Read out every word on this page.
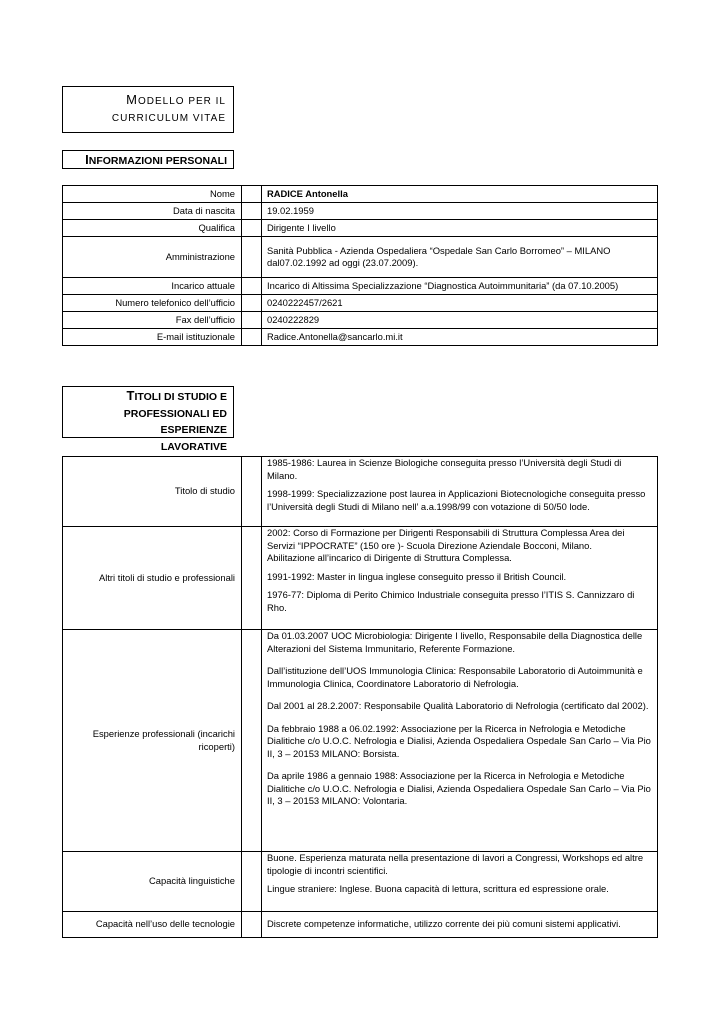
MODELLO PER IL
CURRICULUM VITAE
INFORMAZIONI PERSONALI
Nome		RADICE Antonella
Data di nascita		19.02.1959
Qualifica		Dirigente I livello
Amministrazione		Sanità Pubblica - Azienda Ospedaliera “Ospedale San Carlo Borromeo” – MILANO dal07.02.1992 ad oggi (23.07.2009).
Incarico attuale		Incarico di Altissima Specializzazione “Diagnostica Autoimmunitaria” (da 07.10.2005)
Numero telefonico dell’ufficio		0240222457/2621
Fax dell’ufficio		0240222829
E-mail istituzionale		Radice.Antonella@sancarlo.mi.it
TITOLI DI STUDIO E
PROFESSIONALI ED ESPERIENZE
LAVORATIVE
Titolo di studio		1985-1986: Laurea in Scienze Biologiche conseguita presso l’Università degli Studi di Milano.

1998-1999: Specializzazione post laurea in Applicazioni Biotecnologiche conseguita presso l’Università degli Studi di Milano nell’ a.a.1998/99 con votazione di 50/50 lode.

Altri titoli di studio e professionali		2002: Corso di Formazione per Dirigenti Responsabili di Struttura Complessa Area dei Servizi “IPPOCRATE” (150 ore )- Scuola Direzione Aziendale Bocconi, Milano.
Abilitazione all’incarico di Dirigente di Struttura Complessa.

1991-1992: Master in lingua inglese conseguito presso il British Council.

1976-77: Diploma di Perito Chimico Industriale conseguita presso l’ITIS S. Cannizzaro di Rho.

Esperienze professionali (incarichi ricoperti)		Da 01.03.2007 UOC Microbiologia: Dirigente I livello, Responsabile della Diagnostica delle Alterazioni del Sistema Immunitario, Referente Formazione.

Dall’istituzione dell’UOS Immunologia Clinica: Responsabile Laboratorio di Autoimmunità e Immunologia Clinica, Coordinatore Laboratorio di Nefrologia.

Dal 2001 al 28.2.2007: Responsabile Qualità Laboratorio di Nefrologia (certificato dal 2002).

Da febbraio 1988 a 06.02.1992: Associazione per la Ricerca in Nefrologia e Metodiche Dialitiche c/o U.O.C. Nefrologia e Dialisi, Azienda Ospedaliera Ospedale San Carlo – Via Pio II, 3 – 20153 MILANO: Borsista.

Da aprile 1986 a gennaio 1988: Associazione per la Ricerca in Nefrologia e Metodiche Dialitiche c/o U.O.C. Nefrologia e Dialisi, Azienda Ospedaliera Ospedale San Carlo – Via Pio II, 3 – 20153 MILANO: Volontaria.

Capacità linguistiche		Buone. Esperienza maturata nella presentazione di lavori a Congressi, Workshops ed altre tipologie di incontri scientifici.

Lingue straniere: Inglese. Buona capacità di lettura, scrittura ed espressione orale.

Capacità nell’uso delle tecnologie		Discrete competenze informatiche, utilizzo corrente dei più comuni sistemi applicativi.
